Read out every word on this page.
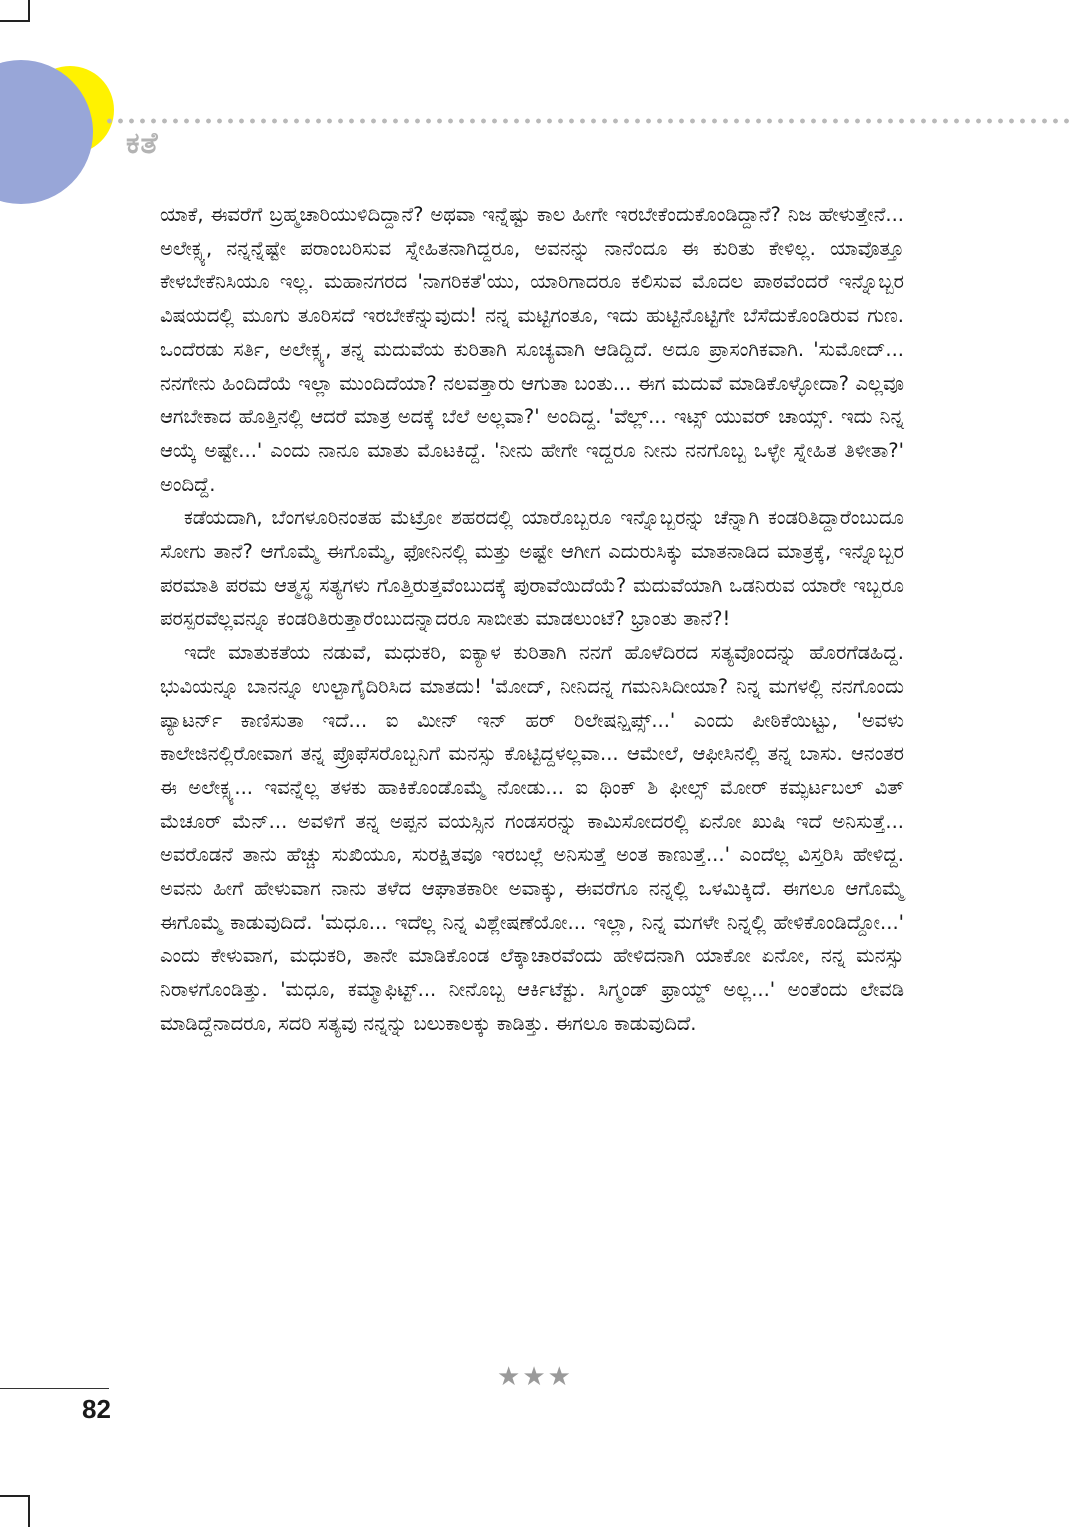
ಕತೆ

ಯಾಕೆ, ಈವರೆಗೆ ಬ್ರಹ್ಮಚಾರಿಯುಳಿದಿದ್ದಾನೆ? ಅಥವಾ ಇನ್ನೆಷ್ಟು ಕಾಲ ಹೀಗೇ ಇರಬೇಕೆಂದುಕೊಂಡಿದ್ದಾನೆ? ನಿಜ ಹೇಳುತ್ತೇನೆ... ಅಲೇಕ್ಸ್ಯ, ನನ್ನನ್ನೆಷ್ಟೇ ಪರಾಂಬರಿಸುವ ಸ್ನೇಹಿತನಾಗಿದ್ದರೂ, ಅವನನ್ನು ನಾನೆಂದೂ ಈ ಕುರಿತು ಕೇಳಿಲ್ಲ. ಯಾವೊತ್ತೂ ಕೇಳಬೇಕೆನಿಸಿಯೂ ಇಲ್ಲ. ಮಹಾನಗರದ 'ನಾಗರಿಕತೆ'ಯು, ಯಾರಿಗಾದರೂ ಕಲಿಸುವ ಮೊದಲ ಪಾಠವೆಂದರೆ ಇನ್ನೊಬ್ಬರ ವಿಷಯದಲ್ಲಿ ಮೂಗು ತೂರಿಸದೆ ಇರಬೇಕೆನ್ನುವುದು! ನನ್ನ ಮಟ್ಟಿಗಂತೂ, ಇದು ಹುಟ್ಟಿನೊಟ್ಟಿಗೇ ಬೆಸೆದುಕೊಂಡಿರುವ ಗುಣ. ಒಂದೆರಡು ಸರ್ತಿ, ಅಲೇಕ್ಸ್ಯ, ತನ್ನ ಮದುವೆಯ ಕುರಿತಾಗಿ ಸೂಚ್ಯವಾಗಿ ಆಡಿದ್ದಿದೆ. ಅದೂ ಪ್ರಾಸಂಗಿಕವಾಗಿ. 'ಸುಮೋದ್... ನನಗೇನು ಹಿಂದಿದೆಯೆ ಇಲ್ಲಾ ಮುಂದಿದೆಯಾ? ನಲವತ್ತಾರು ಆಗುತಾ ಬಂತು... ಈಗ ಮದುವೆ ಮಾಡಿಕೊಳ್ಳೋದಾ? ಎಲ್ಲವೂ ಆಗಬೇಕಾದ ಹೊತ್ತಿನಲ್ಲಿ ಆದರೆ ಮಾತ್ರ ಅದಕ್ಕೆ ಬೆಲೆ ಅಲ್ಲವಾ?' ಅಂದಿದ್ದ. 'ವೆಲ್ಲ್... ಇಟ್ಸ್ ಯುವರ್ ಚಾಯ್ಸ್. ಇದು ನಿನ್ನ ಆಯ್ಕೆ ಅಷ್ಟೇ...' ಎಂದು ನಾನೂ ಮಾತು ಮೊಟಕಿದ್ದೆ. 'ನೀನು ಹೇಗೇ ಇದ್ದರೂ ನೀನು ನನಗೊಬ್ಬ ಒಳ್ಳೇ ಸ್ನೇಹಿತ ತಿಳೀತಾ?' ಅಂದಿದ್ದೆ.

ಕಡೆಯದಾಗಿ, ಬೆಂಗಳೂರಿನಂತಹ ಮೆಟ್ರೋ ಶಹರದಲ್ಲಿ ಯಾರೊಬ್ಬರೂ ಇನ್ನೊಬ್ಬರನ್ನು ಚೆನ್ನಾಗಿ ಕಂಡರಿತಿದ್ದಾರೆಂಬುದೂ ಸೋಗು ತಾನೆ? ಆಗೊಮ್ಮೆ ಈಗೊಮ್ಮೆ, ಫೋನಿನಲ್ಲಿ ಮತ್ತು ಅಷ್ಟೇ ಆಗೀಗ ಎದುರುಸಿಕ್ಕು ಮಾತನಾಡಿದ ಮಾತ್ರಕ್ಕೆ, ಇನ್ನೊಬ್ಬರ ಪರಮಾತಿ ಪರಮ ಆತ್ಮಸ್ಥ ಸತ್ಯಗಳು ಗೊತ್ತಿರುತ್ತವೆಂಬುದಕ್ಕೆ ಪುರಾವೆಯಿದೆಯೆ? ಮದುವೆಯಾಗಿ ಒಡನಿರುವ ಯಾರೇ ಇಬ್ಬರೂ ಪರಸ್ಪರವೆಲ್ಲವನ್ನೂ ಕಂಡರಿತಿರುತ್ತಾರೆಂಬುದನ್ನಾದರೂ ಸಾಬೀತು ಮಾಡಲುಂಟೆ? ಭ್ರಾಂತು ತಾನೆ?!

ಇದೇ ಮಾತುಕತೆಯ ನಡುವೆ, ಮಧುಕರಿ, ಐಕ್ಯಾಳ ಕುರಿತಾಗಿ ನನಗೆ ಹೊಳೆದಿರದ ಸತ್ಯವೊಂದನ್ನು ಹೊರಗೆಡಹಿದ್ದ. ಭುವಿಯನ್ನೂ ಬಾನನ್ನೂ ಉಲ್ಟಾಗೈದಿರಿಸಿದ ಮಾತದು! 'ಮೋದ್, ನೀನಿದನ್ನ ಗಮನಿಸಿದೀಯಾ? ನಿನ್ನ ಮಗಳಲ್ಲಿ ನನಗೊಂದು ಪ್ಯಾಟರ್ನ್ ಕಾಣಿಸುತಾ ಇದೆ... ಐ ಮೀನ್ ಇನ್ ಹರ್ ರಿಲೇಷನ್ಷಿಪ್ಸ್...' ಎಂದು ಪೀಠಿಕೆಯಿಟ್ಟು, 'ಅವಳು ಕಾಲೇಜಿನಲ್ಲಿರೋವಾಗ ತನ್ನ ಪ್ರೊಫೆಸರೊಬ್ಬನಿಗೆ ಮನಸ್ಸು ಕೊಟ್ಟಿದ್ದಳಲ್ಲವಾ... ಆಮೇಲೆ, ಆಫೀಸಿನಲ್ಲಿ ತನ್ನ ಬಾಸು. ಆನಂತರ ಈ ಅಲೇಕ್ಸ್ಯ... ಇವನ್ನೆಲ್ಲ ತಳಕು ಹಾಕಿಕೊಂಡೊಮ್ಮೆ ನೋಡು... ಐ ಥಿಂಕ್ ಶಿ ಫೀಲ್ಸ್ ಮೋರ್ ಕಮ್ಫರ್ಟಬಲ್ ವಿತ್ ಮೆಚೂರ್ ಮೆನ್... ಅವಳಿಗೆ ತನ್ನ ಅಪ್ಪನ ವಯಸ್ಸಿನ ಗಂಡಸರನ್ನು ಕಾಮಿಸೋದರಲ್ಲಿ ಏನೋ ಖುಷಿ ಇದೆ ಅನಿಸುತ್ತೆ... ಅವರೊಡನೆ ತಾನು ಹೆಚ್ಚು ಸುಖಿಯೂ, ಸುರಕ್ಷಿತವೂ ಇರಬಲ್ಲೆ ಅನಿಸುತ್ತೆ ಅಂತ ಕಾಣುತ್ತೆ...' ಎಂದೆಲ್ಲ ವಿಸ್ತರಿಸಿ ಹೇಳಿದ್ದ. ಅವನು ಹೀಗೆ ಹೇಳುವಾಗ ನಾನು ತಳೆದ ಆಘಾತಕಾರೀ ಅವಾಕ್ಕು, ಈವರೆಗೂ ನನ್ನಲ್ಲಿ ಒಳಮಿಕ್ಕಿದೆ. ಈಗಲೂ ಆಗೊಮ್ಮೆ ಈಗೊಮ್ಮೆ ಕಾಡುವುದಿದೆ. 'ಮಧೂ... ಇದೆಲ್ಲ ನಿನ್ನ ವಿಶ್ಲೇಷಣೆಯೋ... ಇಲ್ಲಾ, ನಿನ್ನ ಮಗಳೇ ನಿನ್ನಲ್ಲಿ ಹೇಳಿಕೊಂಡಿದ್ದೋ...' ಎಂದು ಕೇಳುವಾಗ, ಮಧುಕರಿ, ತಾನೇ ಮಾಡಿಕೊಂಡ ಲೆಕ್ಕಾಚಾರವೆಂದು ಹೇಳಿದನಾಗಿ ಯಾಕೋ ಏನೋ, ನನ್ನ ಮನಸ್ಸು ನಿರಾಳಗೊಂಡಿತ್ತು. 'ಮಧೂ, ಕಮ್ಮಾಫಿಟ್ಟ್... ನೀನೊಬ್ಬ ಆರ್ಕಿಟೆಕ್ಟು. ಸಿಗ್ಮಂಡ್ ಫ್ರಾಯ್ಡ್ ಅಲ್ಲ...' ಅಂತೆಂದು ಲೇವಡಿ ಮಾಡಿದ್ದೆನಾದರೂ, ಸದರಿ ಸತ್ಯವು ನನ್ನನ್ನು ಬಲುಕಾಲಕ್ಕು ಕಾಡಿತ್ತು. ಈಗಲೂ ಕಾಡುವುದಿದೆ.

★★★
82
